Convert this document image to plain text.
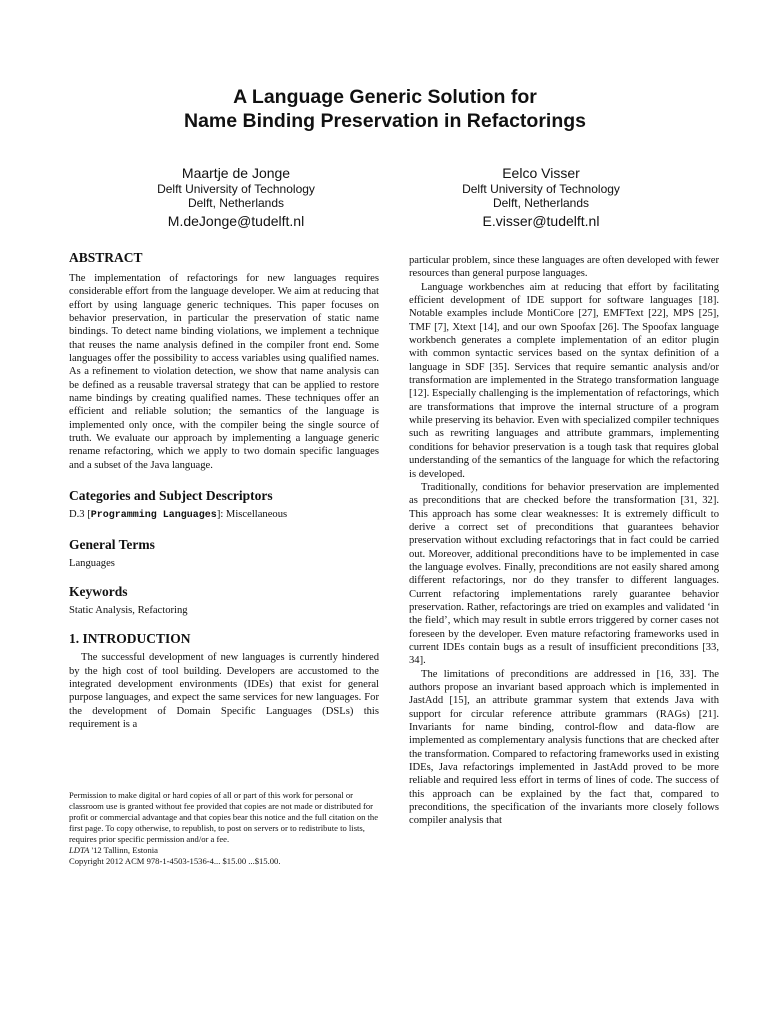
A Language Generic Solution for
Name Binding Preservation in Refactorings
Maartje de Jonge
Delft University of Technology
Delft, Netherlands
M.deJonge@tudelft.nl
Eelco Visser
Delft University of Technology
Delft, Netherlands
E.visser@tudelft.nl
ABSTRACT

The implementation of refactorings for new languages requires considerable effort from the language developer. We aim at reducing that effort by using language generic techniques. This paper focuses on behavior preservation, in particular the preservation of static name bindings. To detect name binding violations, we implement a technique that reuses the name analysis defined in the compiler front end. Some languages offer the possibility to access variables using qualified names. As a refinement to violation detection, we show that name analysis can be defined as a reusable traversal strategy that can be applied to restore name bindings by creating qualified names. These techniques offer an efficient and reliable solution; the semantics of the language is implemented only once, with the compiler being the single source of truth. We evaluate our approach by implementing a language generic rename refactoring, which we apply to two domain specific languages and a subset of the Java language.

Categories and Subject Descriptors

D.3 [Programming Languages]: Miscellaneous

General Terms

Languages

Keywords

Static Analysis, Refactoring

1. INTRODUCTION

The successful development of new languages is currently hindered by the high cost of tool building. Developers are accustomed to the integrated development environments (IDEs) that exist for general purpose languages, and expect the same services for new languages. For the development of Domain Specific Languages (DSLs) this requirement is a

Permission to make digital or hard copies of all or part of this work for personal or classroom use is granted without fee provided that copies are not made or distributed for profit or commercial advantage and that copies bear this notice and the full citation on the first page. To copy otherwise, to republish, to post on servers or to redistribute to lists, requires prior specific permission and/or a fee.
LDTA '12 Tallinn, Estonia
Copyright 2012 ACM 978-1-4503-1536-4... $15.00 ...$15.00.

particular problem, since these languages are often developed with fewer resources than general purpose languages.

Language workbenches aim at reducing that effort by facilitating efficient development of IDE support for software languages [18]. Notable examples include MontiCore [27], EMFText [22], MPS [25], TMF [7], Xtext [14], and our own Spoofax [26]. The Spoofax language workbench generates a complete implementation of an editor plugin with common syntactic services based on the syntax definition of a language in SDF [35]. Services that require semantic analysis and/or transformation are implemented in the Stratego transformation language [12]. Especially challenging is the implementation of refactorings, which are transformations that improve the internal structure of a program while preserving its behavior. Even with specialized compiler techniques such as rewriting languages and attribute grammars, implementing conditions for behavior preservation is a tough task that requires global understanding of the semantics of the language for which the refactoring is developed.

Traditionally, conditions for behavior preservation are implemented as preconditions that are checked before the transformation [31, 32]. This approach has some clear weaknesses: It is extremely difficult to derive a correct set of preconditions that guarantees behavior preservation without excluding refactorings that in fact could be carried out. Moreover, additional preconditions have to be implemented in case the language evolves. Finally, preconditions are not easily shared among different refactorings, nor do they transfer to different languages. Current refactoring implementations rarely guarantee behavior preservation. Rather, refactorings are tried on examples and validated ‘in the field’, which may result in subtle errors triggered by corner cases not foreseen by the developer. Even mature refactoring frameworks used in current IDEs contain bugs as a result of insufficient preconditions [33, 34].

The limitations of preconditions are addressed in [16, 33]. The authors propose an invariant based approach which is implemented in JastAdd [15], an attribute grammar system that extends Java with support for circular reference attribute grammars (RAGs) [21]. Invariants for name binding, control-flow and data-flow are implemented as complementary analysis functions that are checked after the transformation. Compared to refactoring frameworks used in existing IDEs, Java refactorings implemented in JastAdd proved to be more reliable and required less effort in terms of lines of code. The success of this approach can be explained by the fact that, compared to preconditions, the specification of the invariants more closely follows compiler analysis that
